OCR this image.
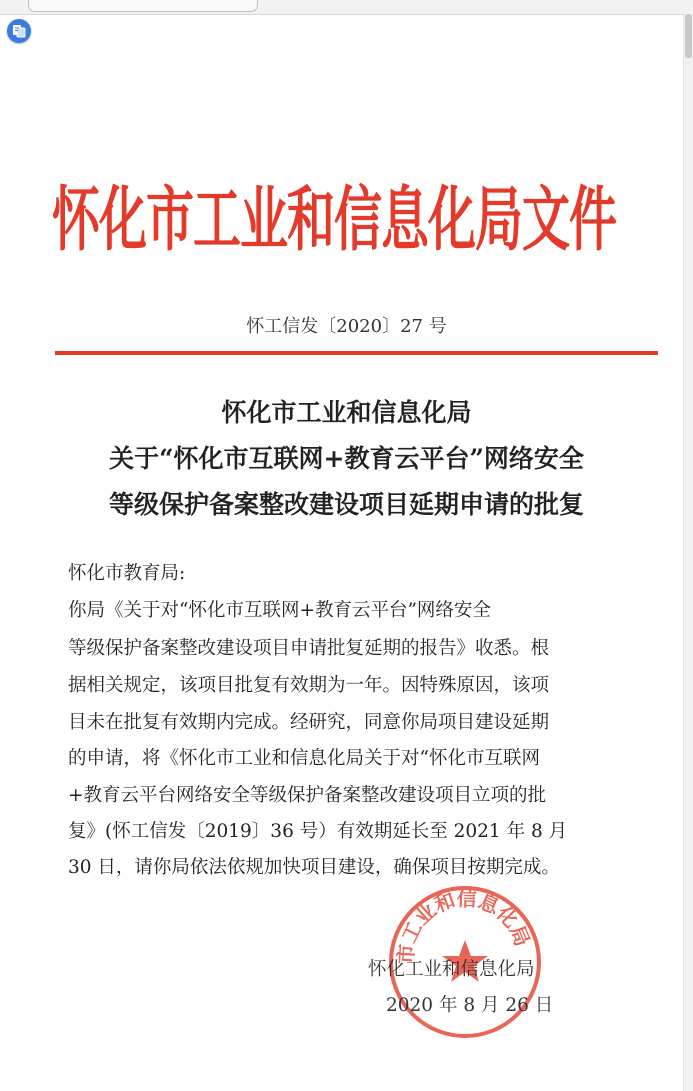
怀化市工业和信息化局文件
怀工信发〔2020〕27 号
怀化市工业和信息化局
关于“怀化市互联网+教育云平台”网络安全
等级保护备案整改建设项目延期申请的批复
怀化市教育局:
你局《关于对“怀化市互联网+教育云平台”网络安全
等级保护备案整改建设项目申请批复延期的报告》收悉。根
据相关规定，该项目批复有效期为一年。因特殊原因，该项
目未在批复有效期内完成。经研究，同意你局项目建设延期
的申请，将《怀化市工业和信息化局关于对“怀化市互联网
+教育云平台网络安全等级保护备案整改建设项目立项的批
复》(怀工信发〔2019〕36 号）有效期延长至 2021 年 8 月
30 日，请你局依法依规加快项目建设，确保项目按期完成。
市工业和信息化局
怀化工业和信息化局
2020 年 8 月 26 日
